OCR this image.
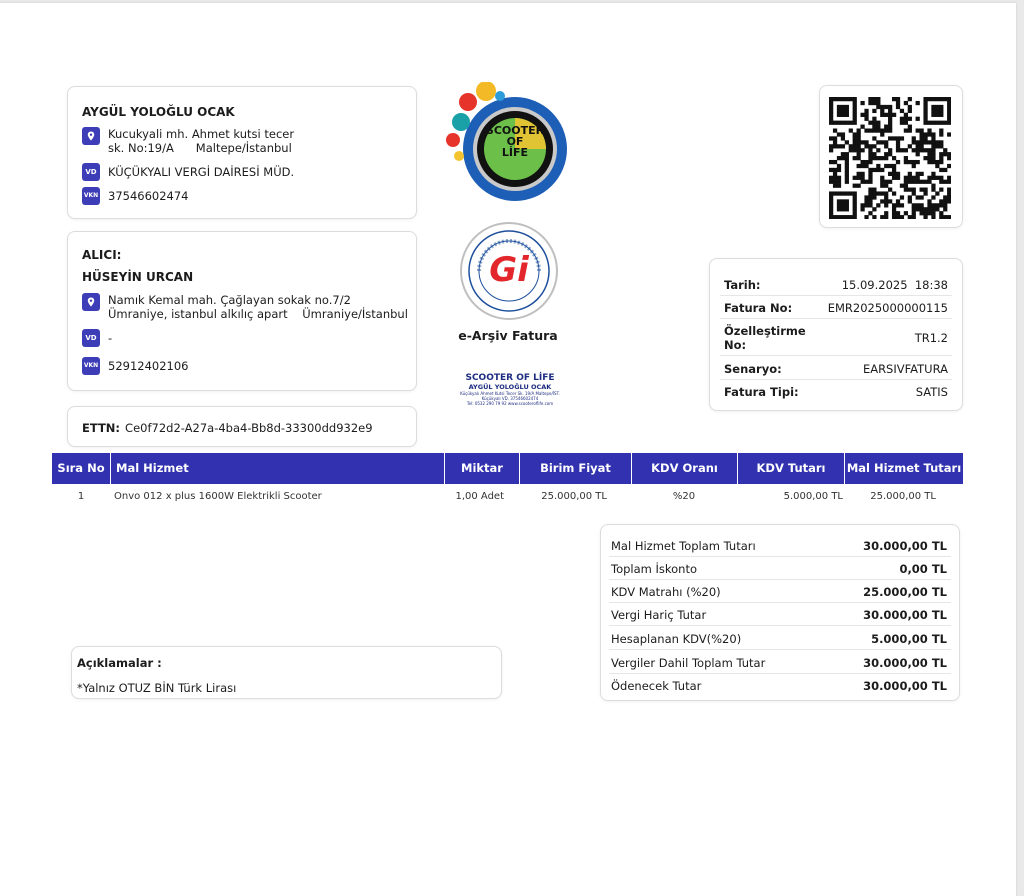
AYGÜL YOLOĞLU OCAK
Kucukyali mh. Ahmet kutsi tecer
sk. No:19/A      Maltepe/İstanbul
VD KÜÇÜKYALI VERGİ DAİRESİ MÜD.
VKN 37546602474
ALICI:
HÜSEYİN URCAN
Namık Kemal mah. Çağlayan sokak no.7/2
Ümraniye, istanbul alkılıç apart    Ümraniye/İstanbul
VD -
VKN 52912402106
ETTN: Ce0f72d2-A27a-4ba4-Bb8d-33300dd932e9
SCOOTER
OF
LİFE
Gi
e-Arşiv Fatura
SCOOTER OF LİFE
AYGÜL YOLOĞLU OCAK
Küçükyalı Ahmet Kutsi Tecer Sk. 19/A Maltepe/İST.
Küçükyalı VD. 37546602474
Tel: 0532 290 79 92 www.scooteroflife.com
Tarih:	15.09.2025  18:38
Fatura No:	EMR2025000000115
Özelleştirme No:	TR1.2
Senaryo:	EARSIVFATURA
Fatura Tipi:	SATIS
Sıra No Mal Hizmet	Miktar	Birim Fiyat	KDV Oranı	KDV Tutarı	Mal Hizmet Tutarı
1	Onvo 012 x plus 1600W Elektrikli Scooter	1,00 Adet	25.000,00 TL	%20	5.000,00 TL	25.000,00 TL
Mal Hizmet Toplam Tutarı	30.000,00 TL
Toplam İskonto	0,00 TL
KDV Matrahı (%20)	25.000,00 TL
Vergi Hariç Tutar	30.000,00 TL
Hesaplanan KDV(%20)	5.000,00 TL
Vergiler Dahil Toplam Tutar	30.000,00 TL
Ödenecek Tutar	30.000,00 TL
Açıklamalar :
*Yalnız OTUZ BİN Türk Lirası
